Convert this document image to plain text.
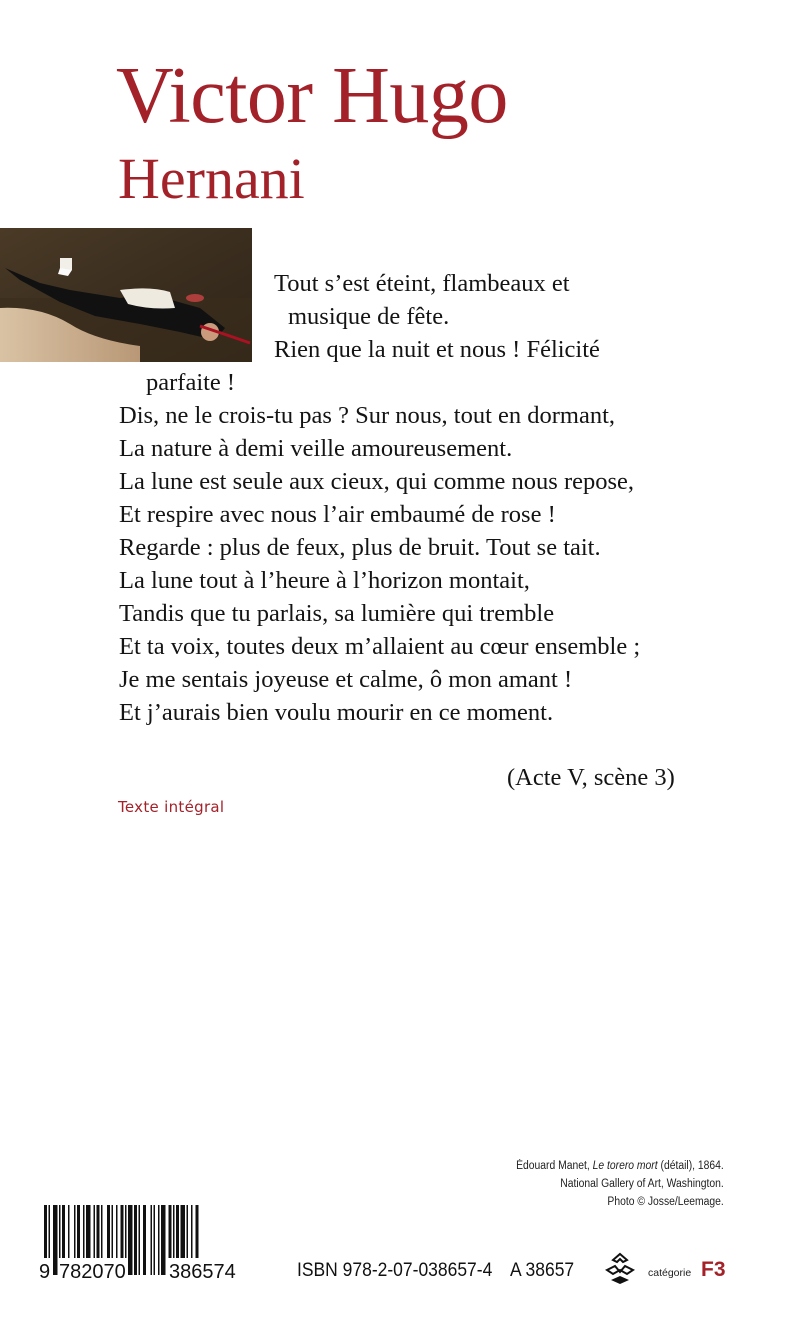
Victor Hugo
Hernani
Tout s’est éteint, flambeaux et
musique de fête.
Rien que la nuit et nous ! Félicité
parfaite !
Dis, ne le crois-tu pas ? Sur nous, tout en dormant,
La nature à demi veille amoureusement.
La lune est seule aux cieux, qui comme nous repose,
Et respire avec nous l’air embaumé de rose !
Regarde : plus de feux, plus de bruit. Tout se tait.
La lune tout à l’heure à l’horizon montait,
Tandis que tu parlais, sa lumière qui tremble
Et ta voix, toutes deux m’allaient au cœur ensemble ;
Je me sentais joyeuse et calme, ô mon amant !
Et j’aurais bien voulu mourir en ce moment.
(Acte V, scène 3)
Texte intégral
Édouard Manet, Le torero mort (détail), 1864.
National Gallery of Art, Washington.
Photo © Josse/Leemage.
9 782070 386574	ISBN 978-2-07-038657-4 A 38657	catégorie F3
